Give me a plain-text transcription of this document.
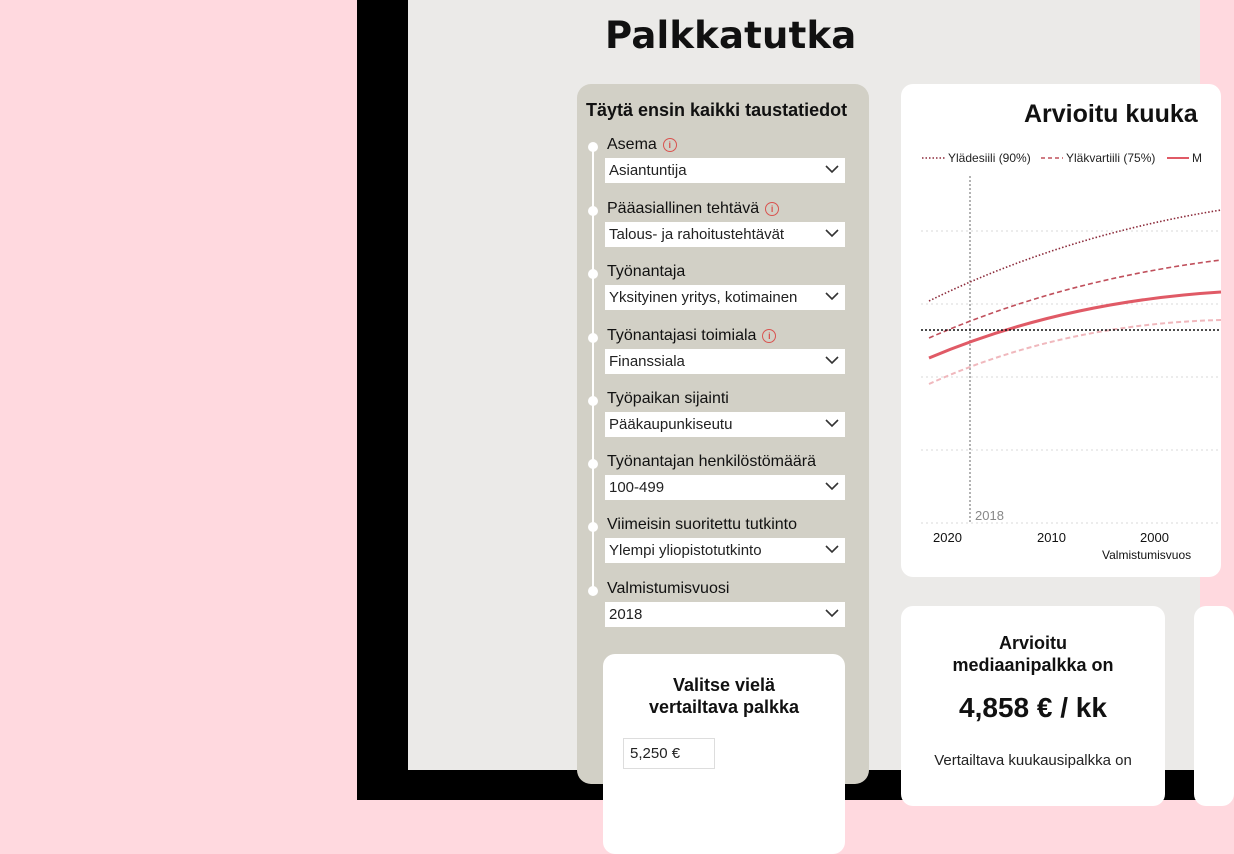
Palkkatutka
Täytä ensin kaikki taustatiedot
Asema	i
Asiantuntija
Pääasiallinen tehtävä	i
Talous- ja rahoitustehtävät
Työnantaja
Yksityinen yritys, kotimainen
Työnantajasi toimiala	i
Finanssiala
Työpaikan sijainti
Pääkaupunkiseutu
Työnantajan henkilöstömäärä
100-499
Viimeisin suoritettu tutkinto
Ylempi yliopistotutkinto
Valmistumisvuosi
2018

Valitse vielä
vertailtava palkka

5,250 €
Arvioitu kuuka
Ylädesiili (90%)	Yläkvartiili (75%)	M
2018
2020	2010	2000
Valmistumisvuos

Arvioitu
mediaanipalkka on

4,858 € / kk
Vertailtava kuukausipalkka on
